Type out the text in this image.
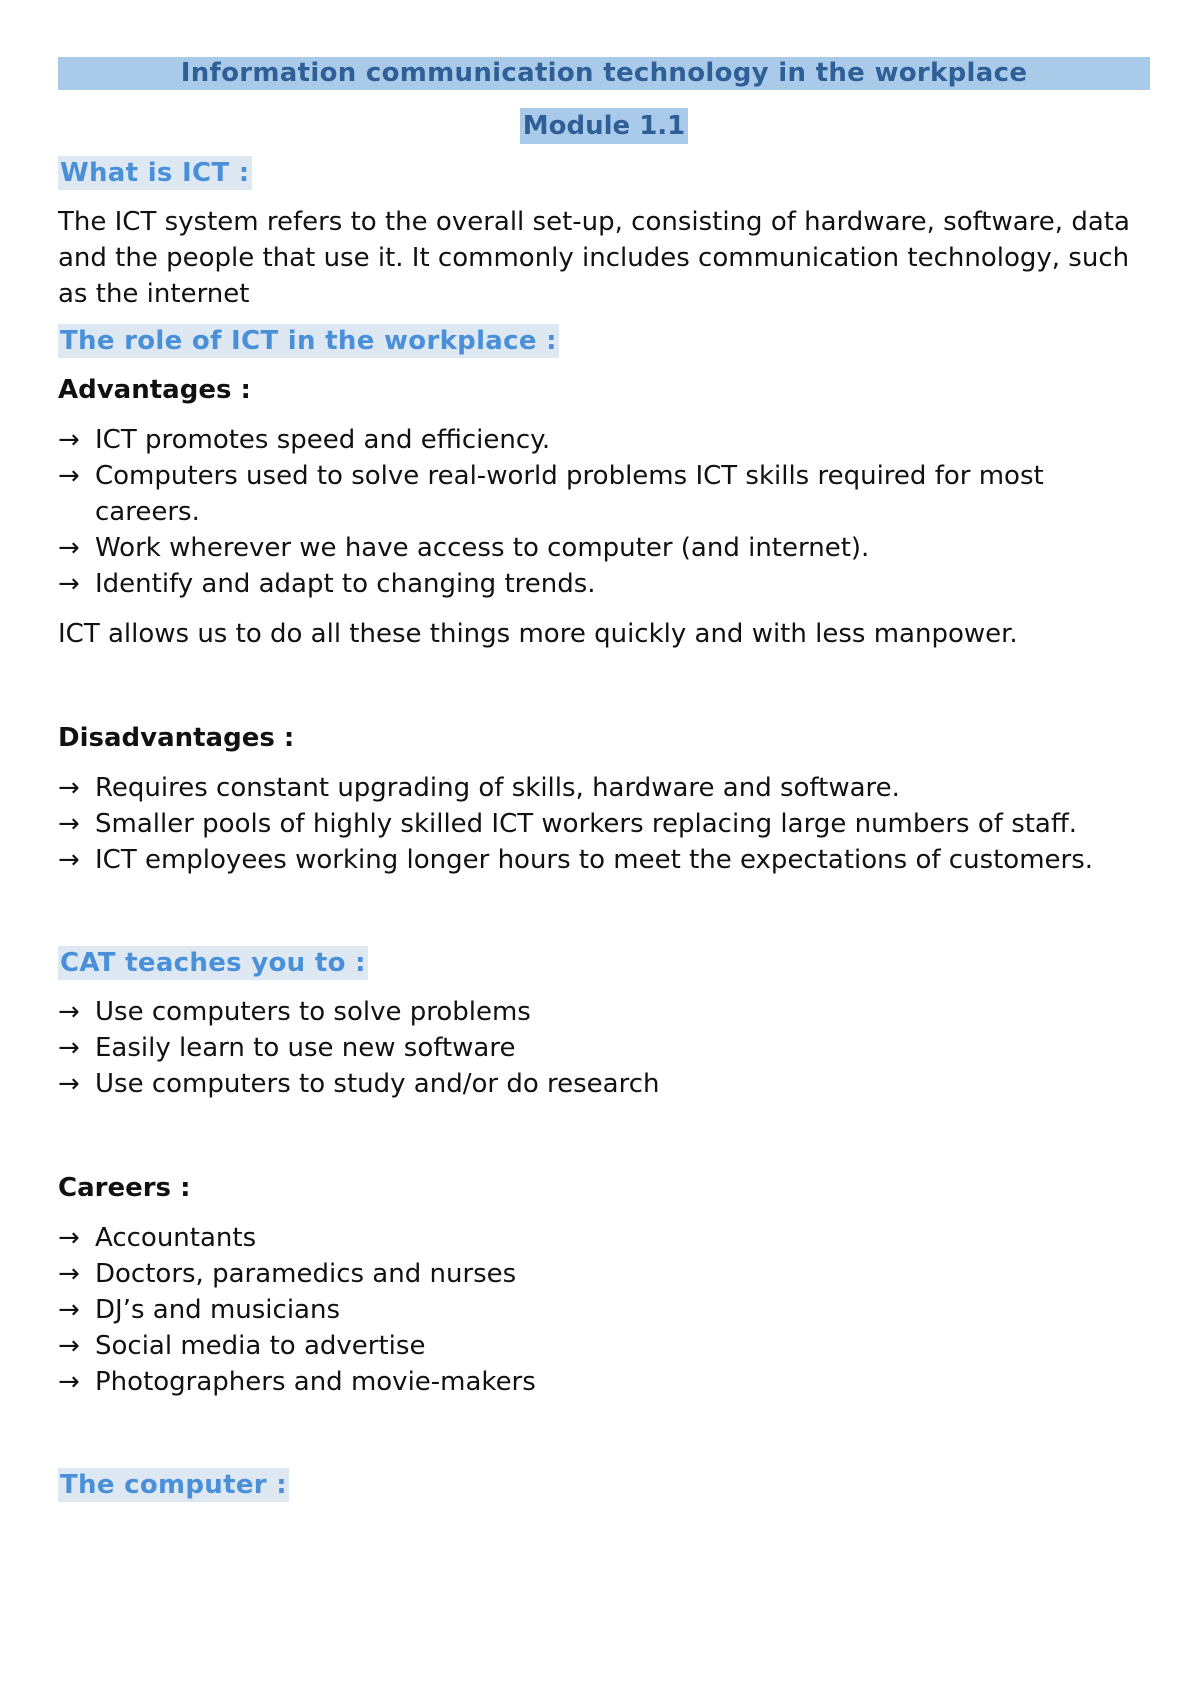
Information communication technology in the workplace
Module 1.1
What is ICT :

The ICT system refers to the overall set-up, consisting of hardware, software, data and the people that use it. It commonly includes communication technology, such as the internet

The role of ICT in the workplace :
Advantages :
→ ICT promotes speed and efficiency.
→ Computers used to solve real-world problems ICT skills required for most careers.
→ Work wherever we have access to computer (and internet).
→ Identify and adapt to changing trends.

ICT allows us to do all these things more quickly and with less manpower.

Disadvantages :
→ Requires constant upgrading of skills, hardware and software.
→ Smaller pools of highly skilled ICT workers replacing large numbers of staff.
→ ICT employees working longer hours to meet the expectations of customers.
CAT teaches you to :
→ Use computers to solve problems
→ Easily learn to use new software
→ Use computers to study and/or do research
Careers :
→ Accountants
→ Doctors, paramedics and nurses
→ DJ’s and musicians
→ Social media to advertise
→ Photographers and movie-makers
The computer :
